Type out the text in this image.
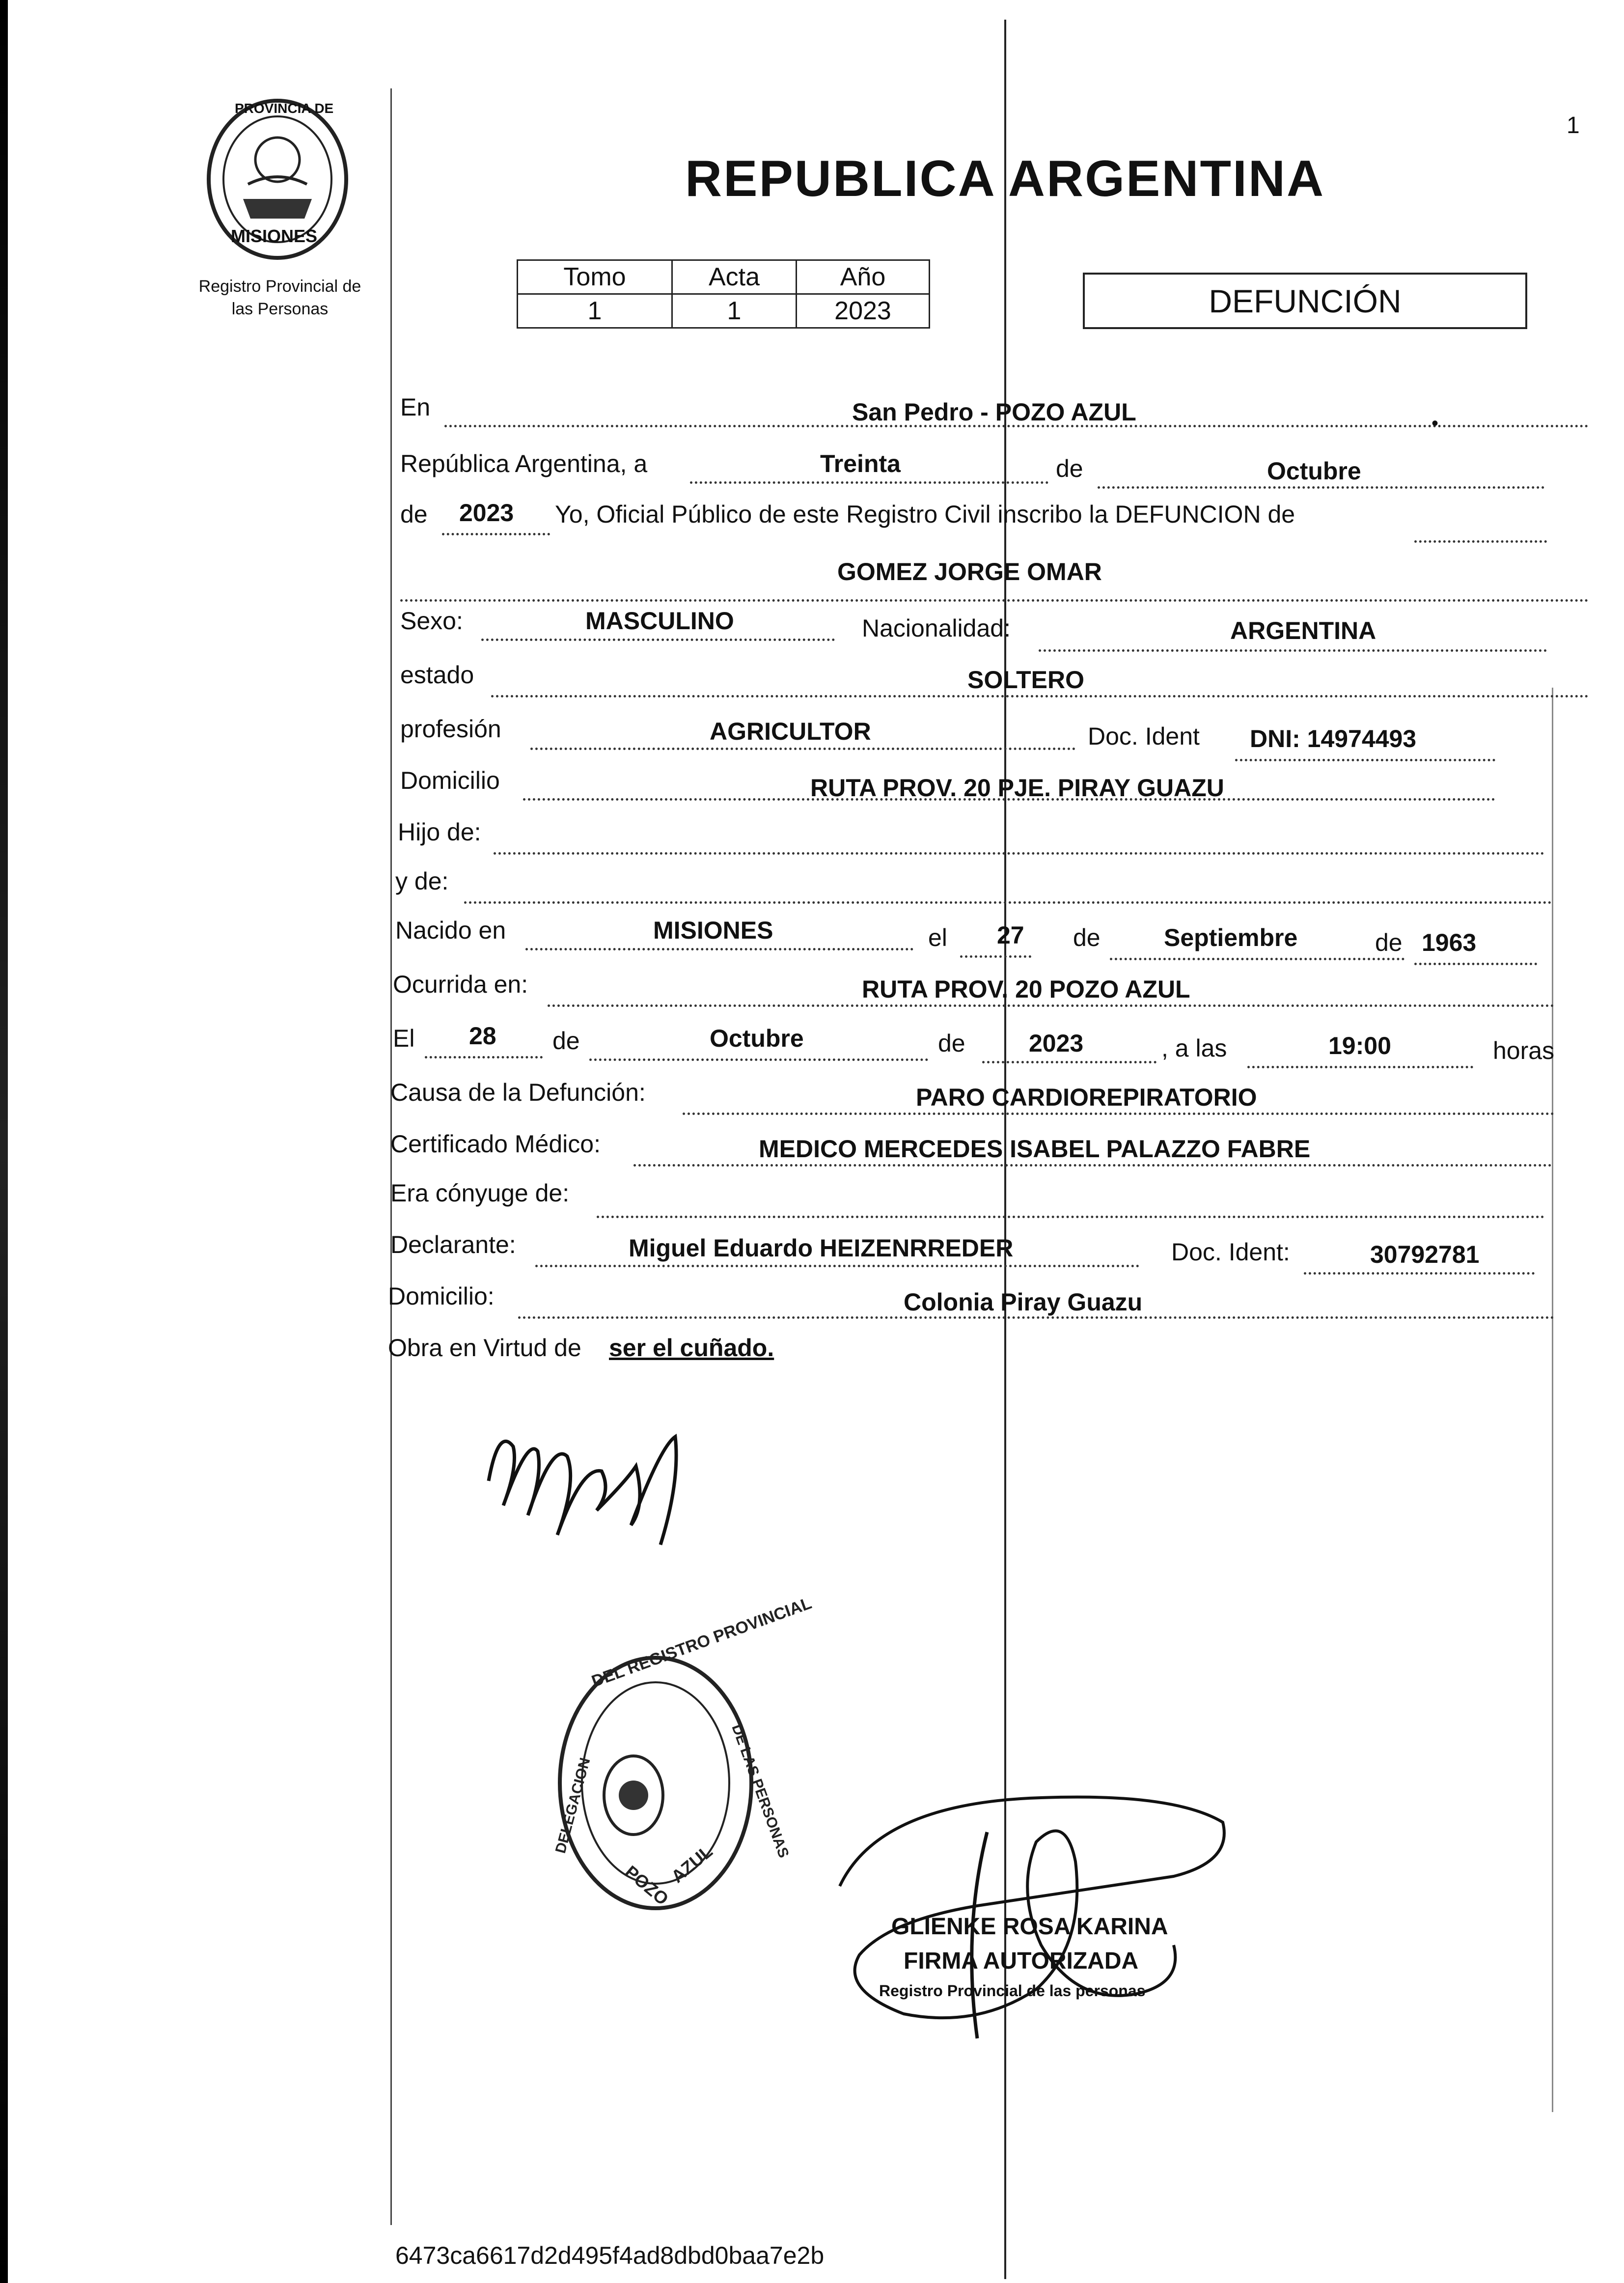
1
PROVINCIA DE
MISIONES
Registro Provincial de
las Personas
REPUBLICA ARGENTINA
Tomo	Acta	Año
1	1	2023	DEFUNCIÓN
En	San Pedro - POZO AZUL	•
República Argentina, a	Treinta	de	Octubre
de 2023 Yo, Oficial Público de este Registro Civil inscribo la DEFUNCION de
GOMEZ JORGE OMAR
Sexo:	MASCULINO	Nacionalidad:	ARGENTINA
estado	SOLTERO
profesión	AGRICULTOR	Doc. Ident DNI: 14974493
Domicilio	RUTA PROV. 20 PJE. PIRAY GUAZU
Hijo de:
y de:
Nacido en	MISIONES	el 27 de	Septiembre	de 1963
Ocurrida en:	RUTA PROV. 20 POZO AZUL
El 28 de	Octubre	de	2023	, a las	19:00	horas
Causa de la Defunción:	PARO CARDIOREPIRATORIO
Certificado Médico:	MEDICO MERCEDES ISABEL PALAZZO FABRE
Era cónyuge de:
Declarante:	Miguel Eduardo HEIZENRREDER	Doc. Ident:	30792781
Domicilio:	Colonia Piray Guazu
Obra en Virtud de ser el cuñado.
DEL REGISTRO PROVINCIAL
DELEGACION	DE LAS PERSONAS
POZO
AZUL
GLIENKE ROSA KARINA
FIRMA AUTORIZADA
Registro Provincial de las personas
6473ca6617d2d495f4ad8dbd0baa7e2b
